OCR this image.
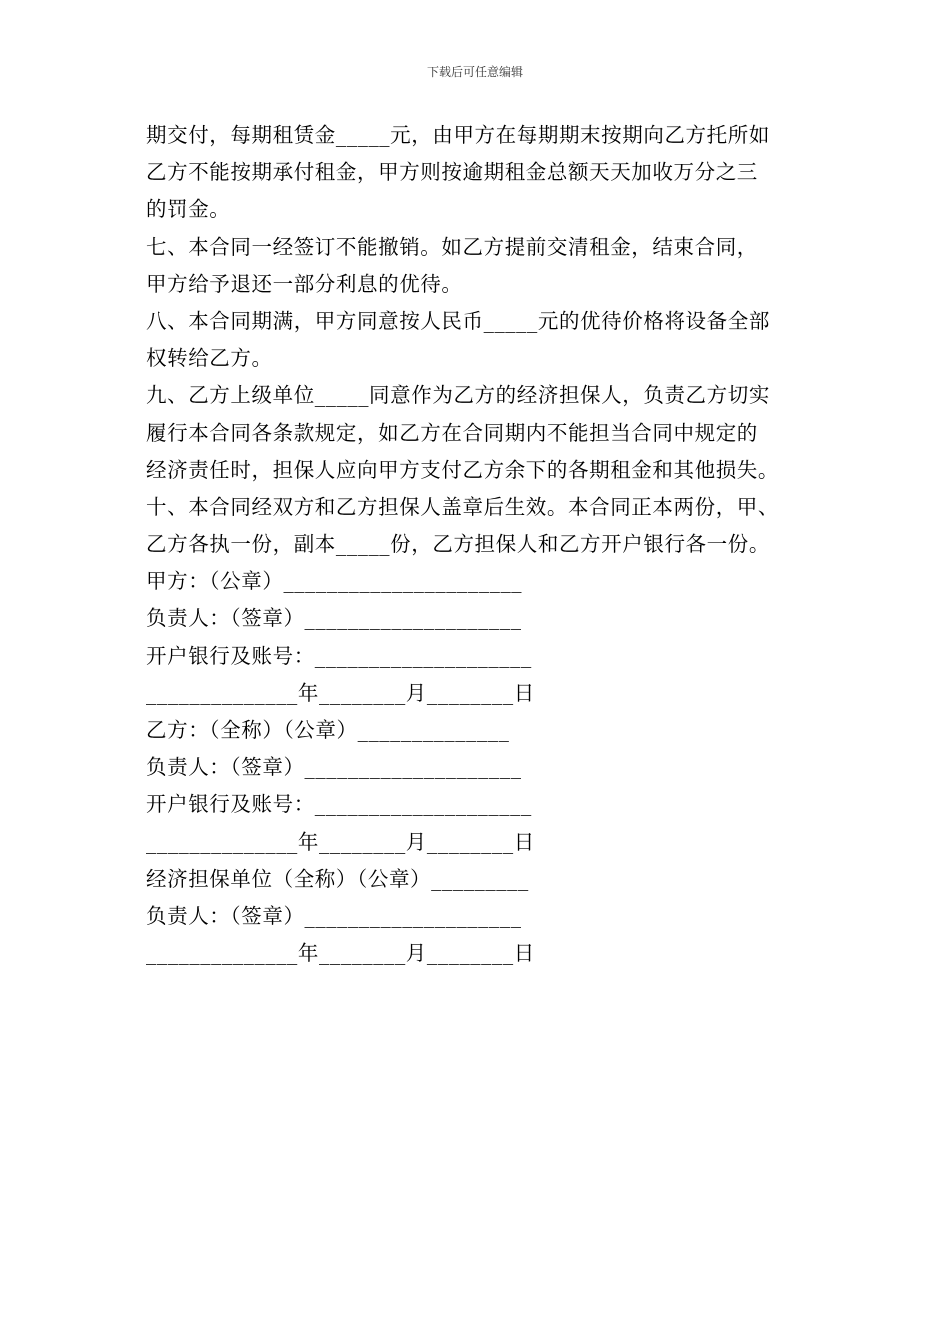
下载后可任意编辑
期交付，每期租赁金_____元，由甲方在每期期末按期向乙方托所如
乙方不能按期承付租金，甲方则按逾期租金总额天天加收万分之三
的罚金。
七、本合同一经签订不能撤销。如乙方提前交清租金，结束合同，
甲方给予退还一部分利息的优待。
八、本合同期满，甲方同意按人民币_____元的优待价格将设备全部
权转给乙方。
九、乙方上级单位_____同意作为乙方的经济担保人，负责乙方切实
履行本合同各条款规定，如乙方在合同期内不能担当合同中规定的
经济责任时，担保人应向甲方支付乙方余下的各期租金和其他损失。
十、本合同经双方和乙方担保人盖章后生效。本合同正本两份，甲、
乙方各执一份，副本_____份，乙方担保人和乙方开户银行各一份。
甲方：（公章）______________________
负责人：（签章）____________________
开户银行及账号：____________________
______________年________月________日
乙方：（全称）（公章）______________
负责人：（签章）____________________
开户银行及账号：____________________
______________年________月________日
经济担保单位（全称）（公章）_________
负责人：（签章）____________________
______________年________月________日
